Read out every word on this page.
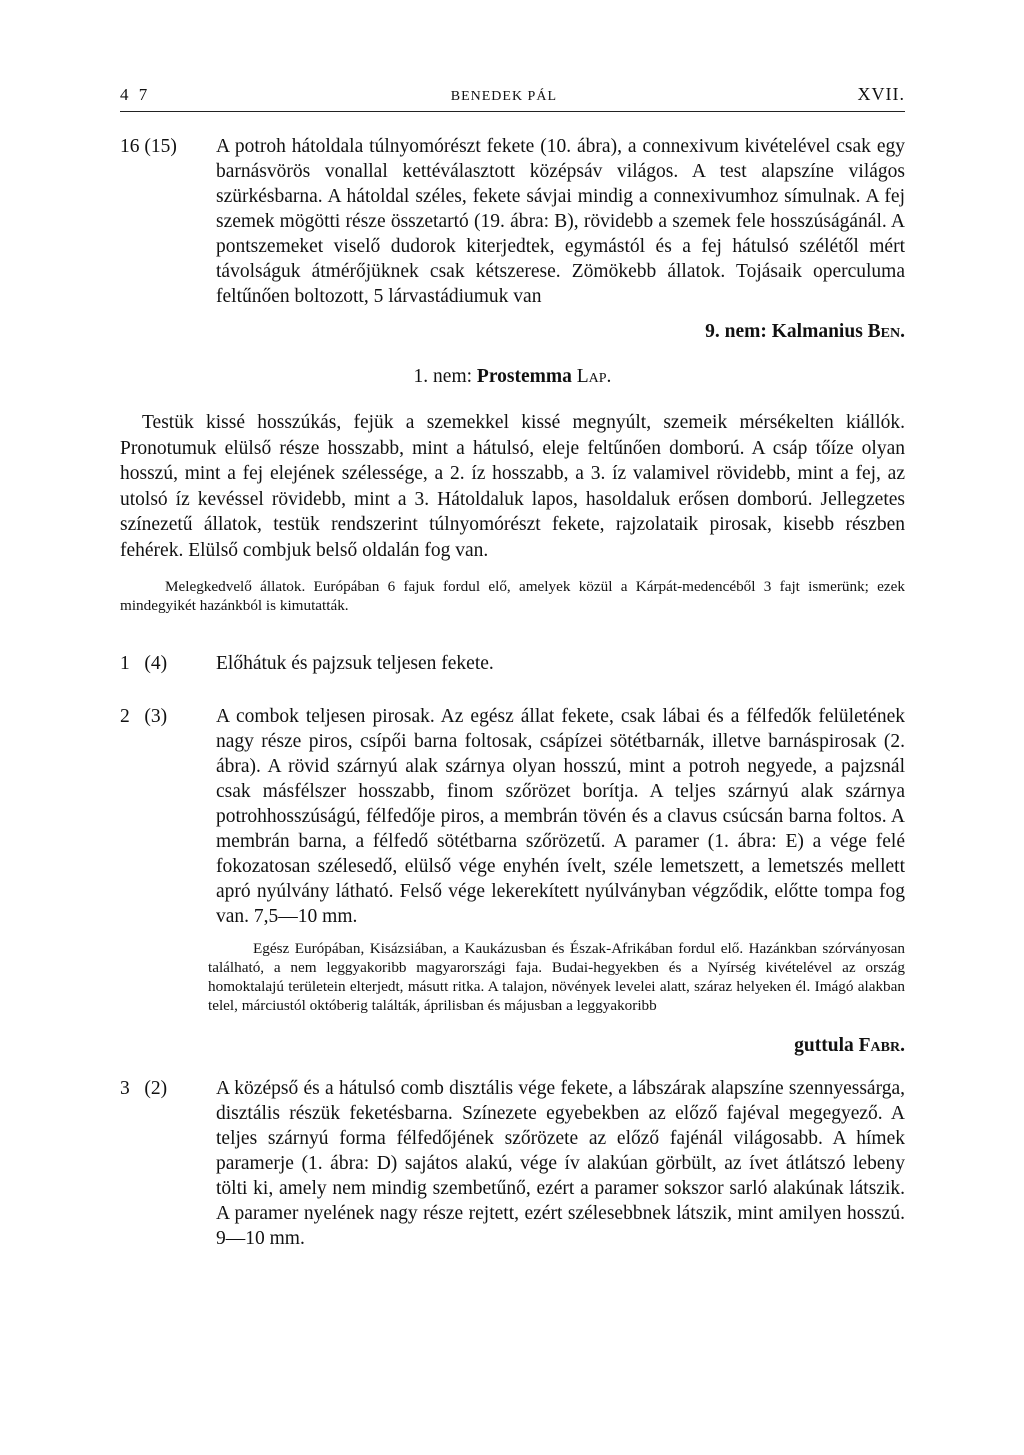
4 7	BENEDEK PÁL	XVII.
16 (15)	A potroh hátoldala túlnyomórészt fekete (10. ábra), a connexivum kivételével csak egy barnásvörös vonallal kettéválasztott középsáv világos. A test alapszíne világos szürkésbarna. A hátoldal széles, fekete sávjai mindig a connexivumhoz símulnak. A fej szemek mögötti része összetartó (19. ábra: B), rövidebb a szemek fele hosszúságánál. A pontszemeket viselő dudorok kiterjedtek, egymástól és a fej hátulsó szélétől mért távolságuk átmérőjüknek csak kétszerese. Zömökebb állatok. Tojásaik operculuma feltűnően boltozott, 5 lárvastádiumuk van
9. nem: Kalmanius Ben.
1. nem: Prostemma Lap.

Testük kissé hosszúkás, fejük a szemekkel kissé megnyúlt, szemeik mérsékelten kiállók. Pronotumuk elülső része hosszabb, mint a hátulsó, eleje feltűnően domború. A csáp tőíze olyan hosszú, mint a fej elejének szélessége, a 2. íz hosszabb, a 3. íz valamivel rövidebb, mint a fej, az utolsó íz kevéssel rövidebb, mint a 3. Hátoldaluk lapos, hasoldaluk erősen domború. Jellegzetes színezetű állatok, testük rendszerint túlnyomórészt fekete, rajzolataik pirosak, kisebb részben fehérek. Elülső combjuk belső oldalán fog van.

Melegkedvelő állatok. Európában 6 fajuk fordul elő, amelyek közül a Kárpát-medencéből 3 fajt ismerünk; ezek mindegyikét hazánkból is kimutatták.

1   (4)	Előhátuk és pajzsuk teljesen fekete.
2   (3)	A combok teljesen pirosak. Az egész állat fekete, csak lábai és a félfedők felületének nagy része piros, csípői barna foltosak, csápízei sötétbarnák, illetve barnáspirosak (2. ábra). A rövid szárnyú alak szárnya olyan hosszú, mint a potroh negyede, a pajzsnál csak másfélszer hosszabb, finom szőrözet borítja. A teljes szárnyú alak szárnya potrohhosszúságú, félfedője piros, a membrán tövén és a clavus csúcsán barna foltos. A membrán barna, a félfedő sötétbarna szőrözetű. A paramer (1. ábra: E) a vége felé fokozatosan szélesedő, elülső vége enyhén ívelt, széle lemetszett, a lemetszés mellett apró nyúlvány látható. Felső vége lekerekített nyúlványban végződik, előtte tompa fog van. 7,5—10 mm.

Egész Európában, Kisázsiában, a Kaukázusban és Észak-Afrikában fordul elő. Hazánkban szórványosan található, a nem leggyakoribb magyarországi faja. Budai-hegyekben és a Nyírség kivételével az ország homoktalajú területein elterjedt, másutt ritka. A talajon, növények levelei alatt, száraz helyeken él. Imágó alakban telel, márciustól októberig találták, áprilisban és májusban a leggyakoribb

guttula Fabr.
3   (2)	A középső és a hátulsó comb disztális vége fekete, a lábszárak alapszíne szennyessárga, disztális részük feketésbarna. Színezete egyebekben az előző fajéval megegyező. A teljes szárnyú forma félfedőjének szőrözete az előző fajénál világosabb. A hímek paramerje (1. ábra: D) sajátos alakú, vége ív alakúan görbült, az ívet átlátszó lebeny tölti ki, amely nem mindig szembetűnő, ezért a paramer sokszor sarló alakúnak látszik. A paramer nyelének nagy része rejtett, ezért szélesebbnek látszik, mint amilyen hosszú. 9—10 mm.
